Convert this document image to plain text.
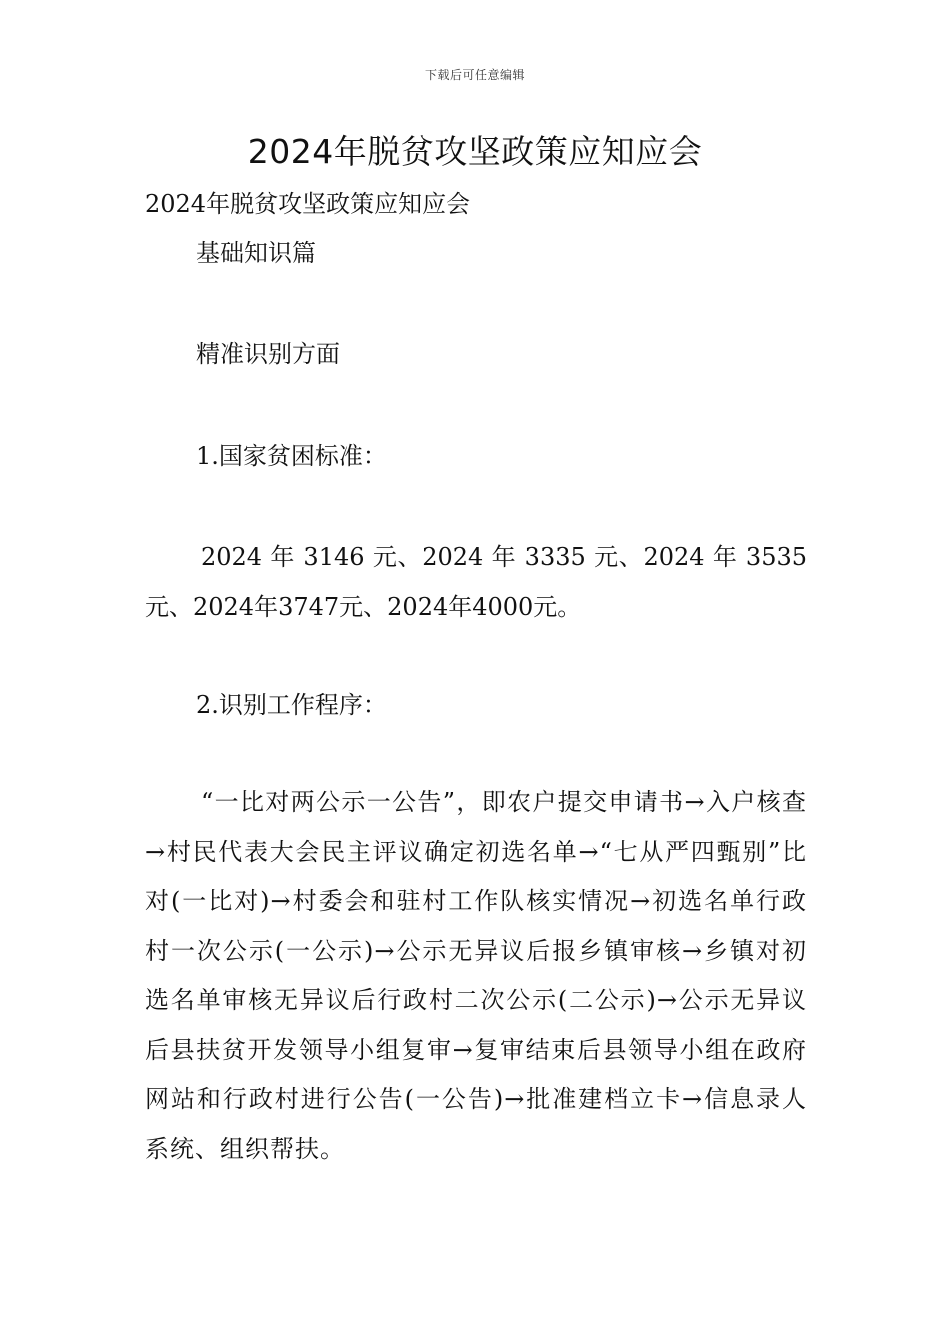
下载后可任意编辑
2024年脱贫攻坚政策应知应会

2024年脱贫攻坚政策应知应会

基础知识篇

精准识别方面

1.国家贫困标准：

2024 年 3146 元、2024 年 3335 元、2024 年 3535 元、2024年3747元、2024年4000元。

2.识别工作程序：

“一比对两公示一公告”，即农户提交申请书→入户核查→村民代表大会民主评议确定初选名单→“七从严四甄别”比对(一比对)→村委会和驻村工作队核实情况→初选名单行政村一次公示(一公示)→公示无异议后报乡镇审核→乡镇对初选名单审核无异议后行政村二次公示(二公示)→公示无异议后县扶贫开发领导小组复审→复审结束后县领导小组在政府网站和行政村进行公告(一公告)→批准建档立卡→信息录人系统、组织帮扶。
